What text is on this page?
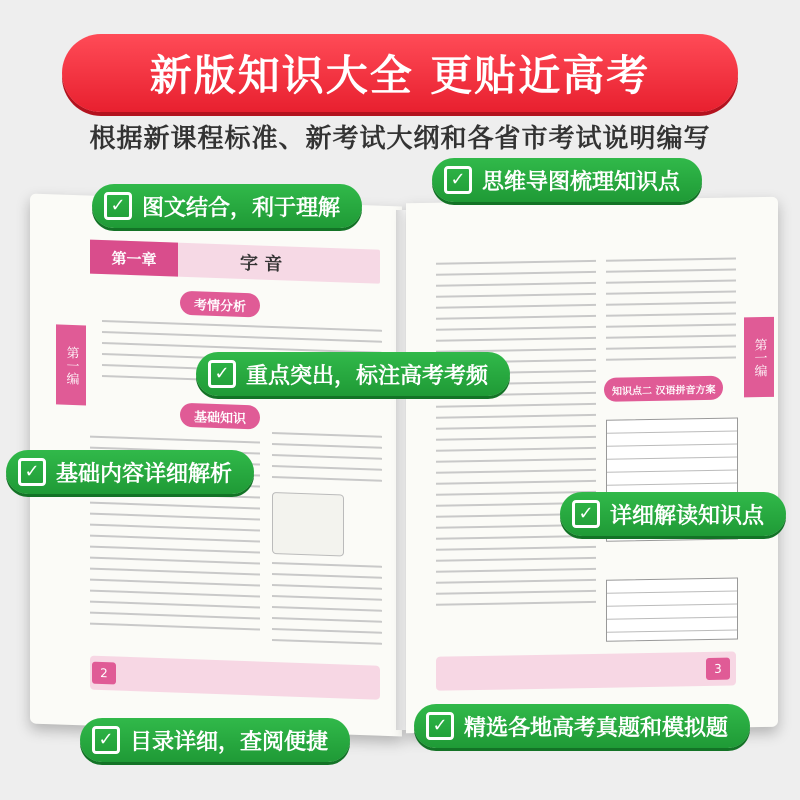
新版知识大全 更贴近高考
根据新课程标准、新考试大纲和各省市考试说明编写
第一章	字 音
考情分析
基础知识
第一编
2
知识点二 汉语拼音方案
第一编
3
✓ 图文结合，利于理解
✓ 思维导图梳理知识点
✓ 重点突出，标注高考考频
✓ 基础内容详细解析
✓ 详细解读知识点
✓ 目录详细，查阅便捷
✓ 精选各地高考真题和模拟题
